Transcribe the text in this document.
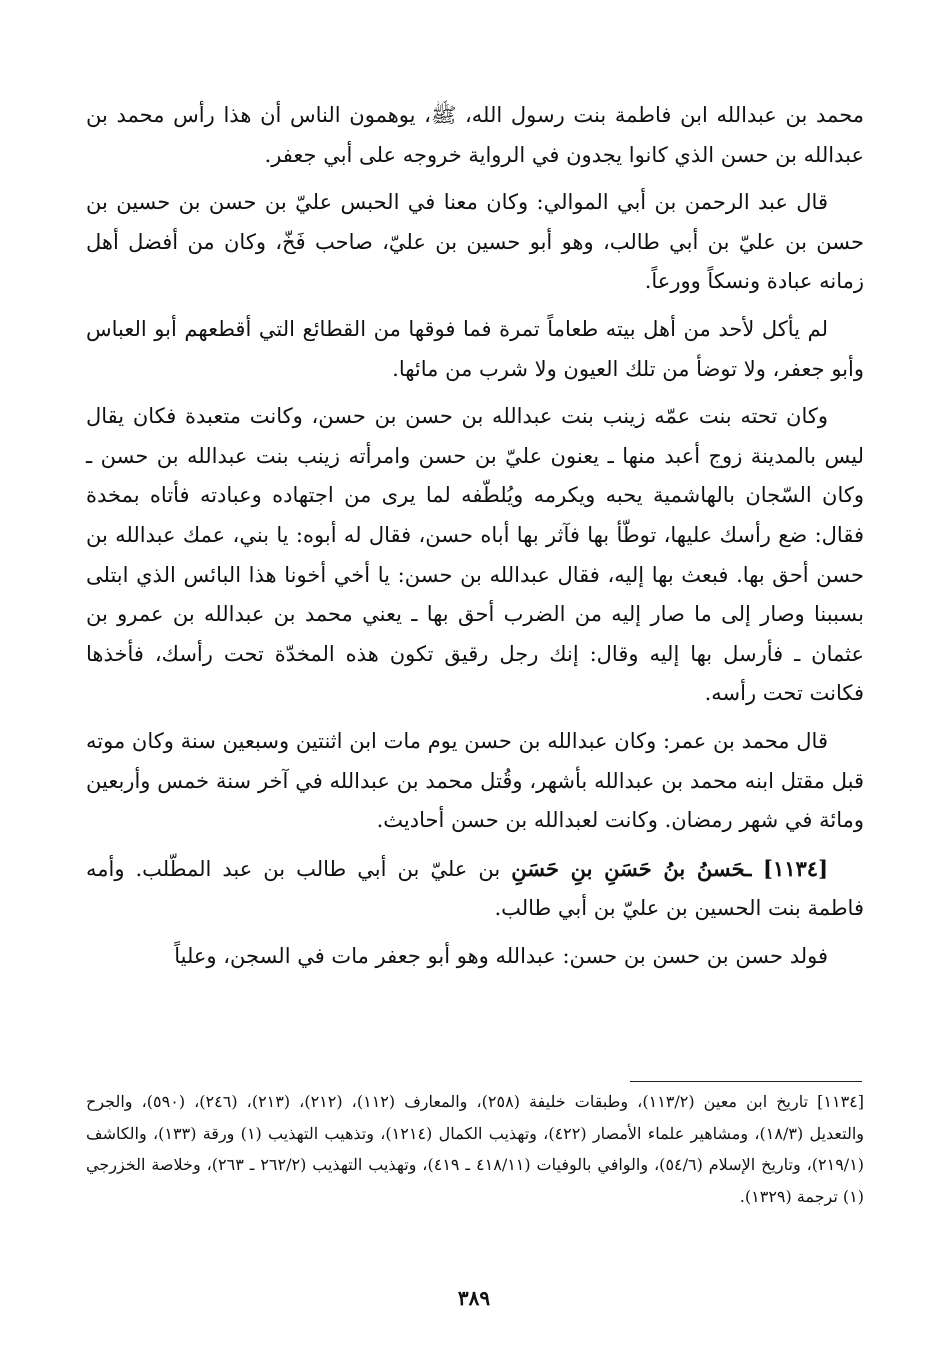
محمد بن عبدالله ابن فاطمة بنت رسول الله، ﷺ، يوهمون الناس أن هذا رأس محمد بن عبدالله بن حسن الذي كانوا يجدون في الرواية خروجه على أبي جعفر.

قال عبد الرحمن بن أبي الموالي: وكان معنا في الحبس عليّ بن حسن بن حسين بن حسن بن عليّ بن أبي طالب، وهو أبو حسين بن عليّ، صاحب فَخّ، وكان من أفضل أهل زمانه عبادة ونسكاً وورعاً.

لم يأكل لأحد من أهل بيته طعاماً تمرة فما فوقها من القطائع التي أقطعهم أبو العباس وأبو جعفر، ولا توضأ من تلك العيون ولا شرب من مائها.

وكان تحته بنت عمّه زينب بنت عبدالله بن حسن بن حسن، وكانت متعبدة فكان يقال ليس بالمدينة زوج أعبد منها ـ يعنون عليّ بن حسن وامرأته زينب بنت عبدالله بن حسن ـ وكان السّجان بالهاشمية يحبه ويكرمه ويُلطّفه لما يرى من اجتهاده وعبادته فأتاه بمخدة فقال: ضع رأسك عليها، توطّأ بها فآثر بها أباه حسن، فقال له أبوه: يا بني، عمك عبدالله بن حسن أحق بها. فبعث بها إليه، فقال عبدالله بن حسن: يا أخي أخونا هذا البائس الذي ابتلى بسببنا وصار إلى ما صار إليه من الضرب أحق بها ـ يعني محمد بن عبدالله بن عمرو بن عثمان ـ فأرسل بها إليه وقال: إنك رجل رقيق تكون هذه المخدّة تحت رأسك، فأخذها فكانت تحت رأسه.

قال محمد بن عمر: وكان عبدالله بن حسن يوم مات ابن اثنتين وسبعين سنة وكان موته قبل مقتل ابنه محمد بن عبدالله بأشهر، وقُتل محمد بن عبدالله في آخر سنة خمس وأربعين ومائة في شهر رمضان. وكانت لعبدالله بن حسن أحاديث.

[١١٣٤] ـحَسنُ بنُ حَسَنِ بنِ حَسَنِ بن عليّ بن أبي طالب بن عبد المطّلب. وأمه فاطمة بنت الحسين بن عليّ بن أبي طالب.

فولد حسن بن حسن بن حسن: عبدالله وهو أبو جعفر مات في السجن، وعلياً

[١١٣٤] تاريخ ابن معين (١١٣/٢)، وطبقات خليفة (٢٥٨)، والمعارف (١١٢)، (٢١٢)، (٢١٣)، (٢٤٦)، (٥٩٠)، والجرح والتعديل (١٨/٣)، ومشاهير علماء الأمصار (٤٢٢)، وتهذيب الكمال (١٢١٤)، وتذهيب التهذيب (١) ورقة (١٣٣)، والكاشف (٢١٩/١)، وتاريخ الإسلام (٥٤/٦)، والوافي بالوفيات (٤١٨/١١ ـ ٤١٩)، وتهذيب التهذيب (٢٦٢/٢ ـ ٢٦٣)، وخلاصة الخزرجي (١) ترجمة (١٣٢٩).

٣٨٩
